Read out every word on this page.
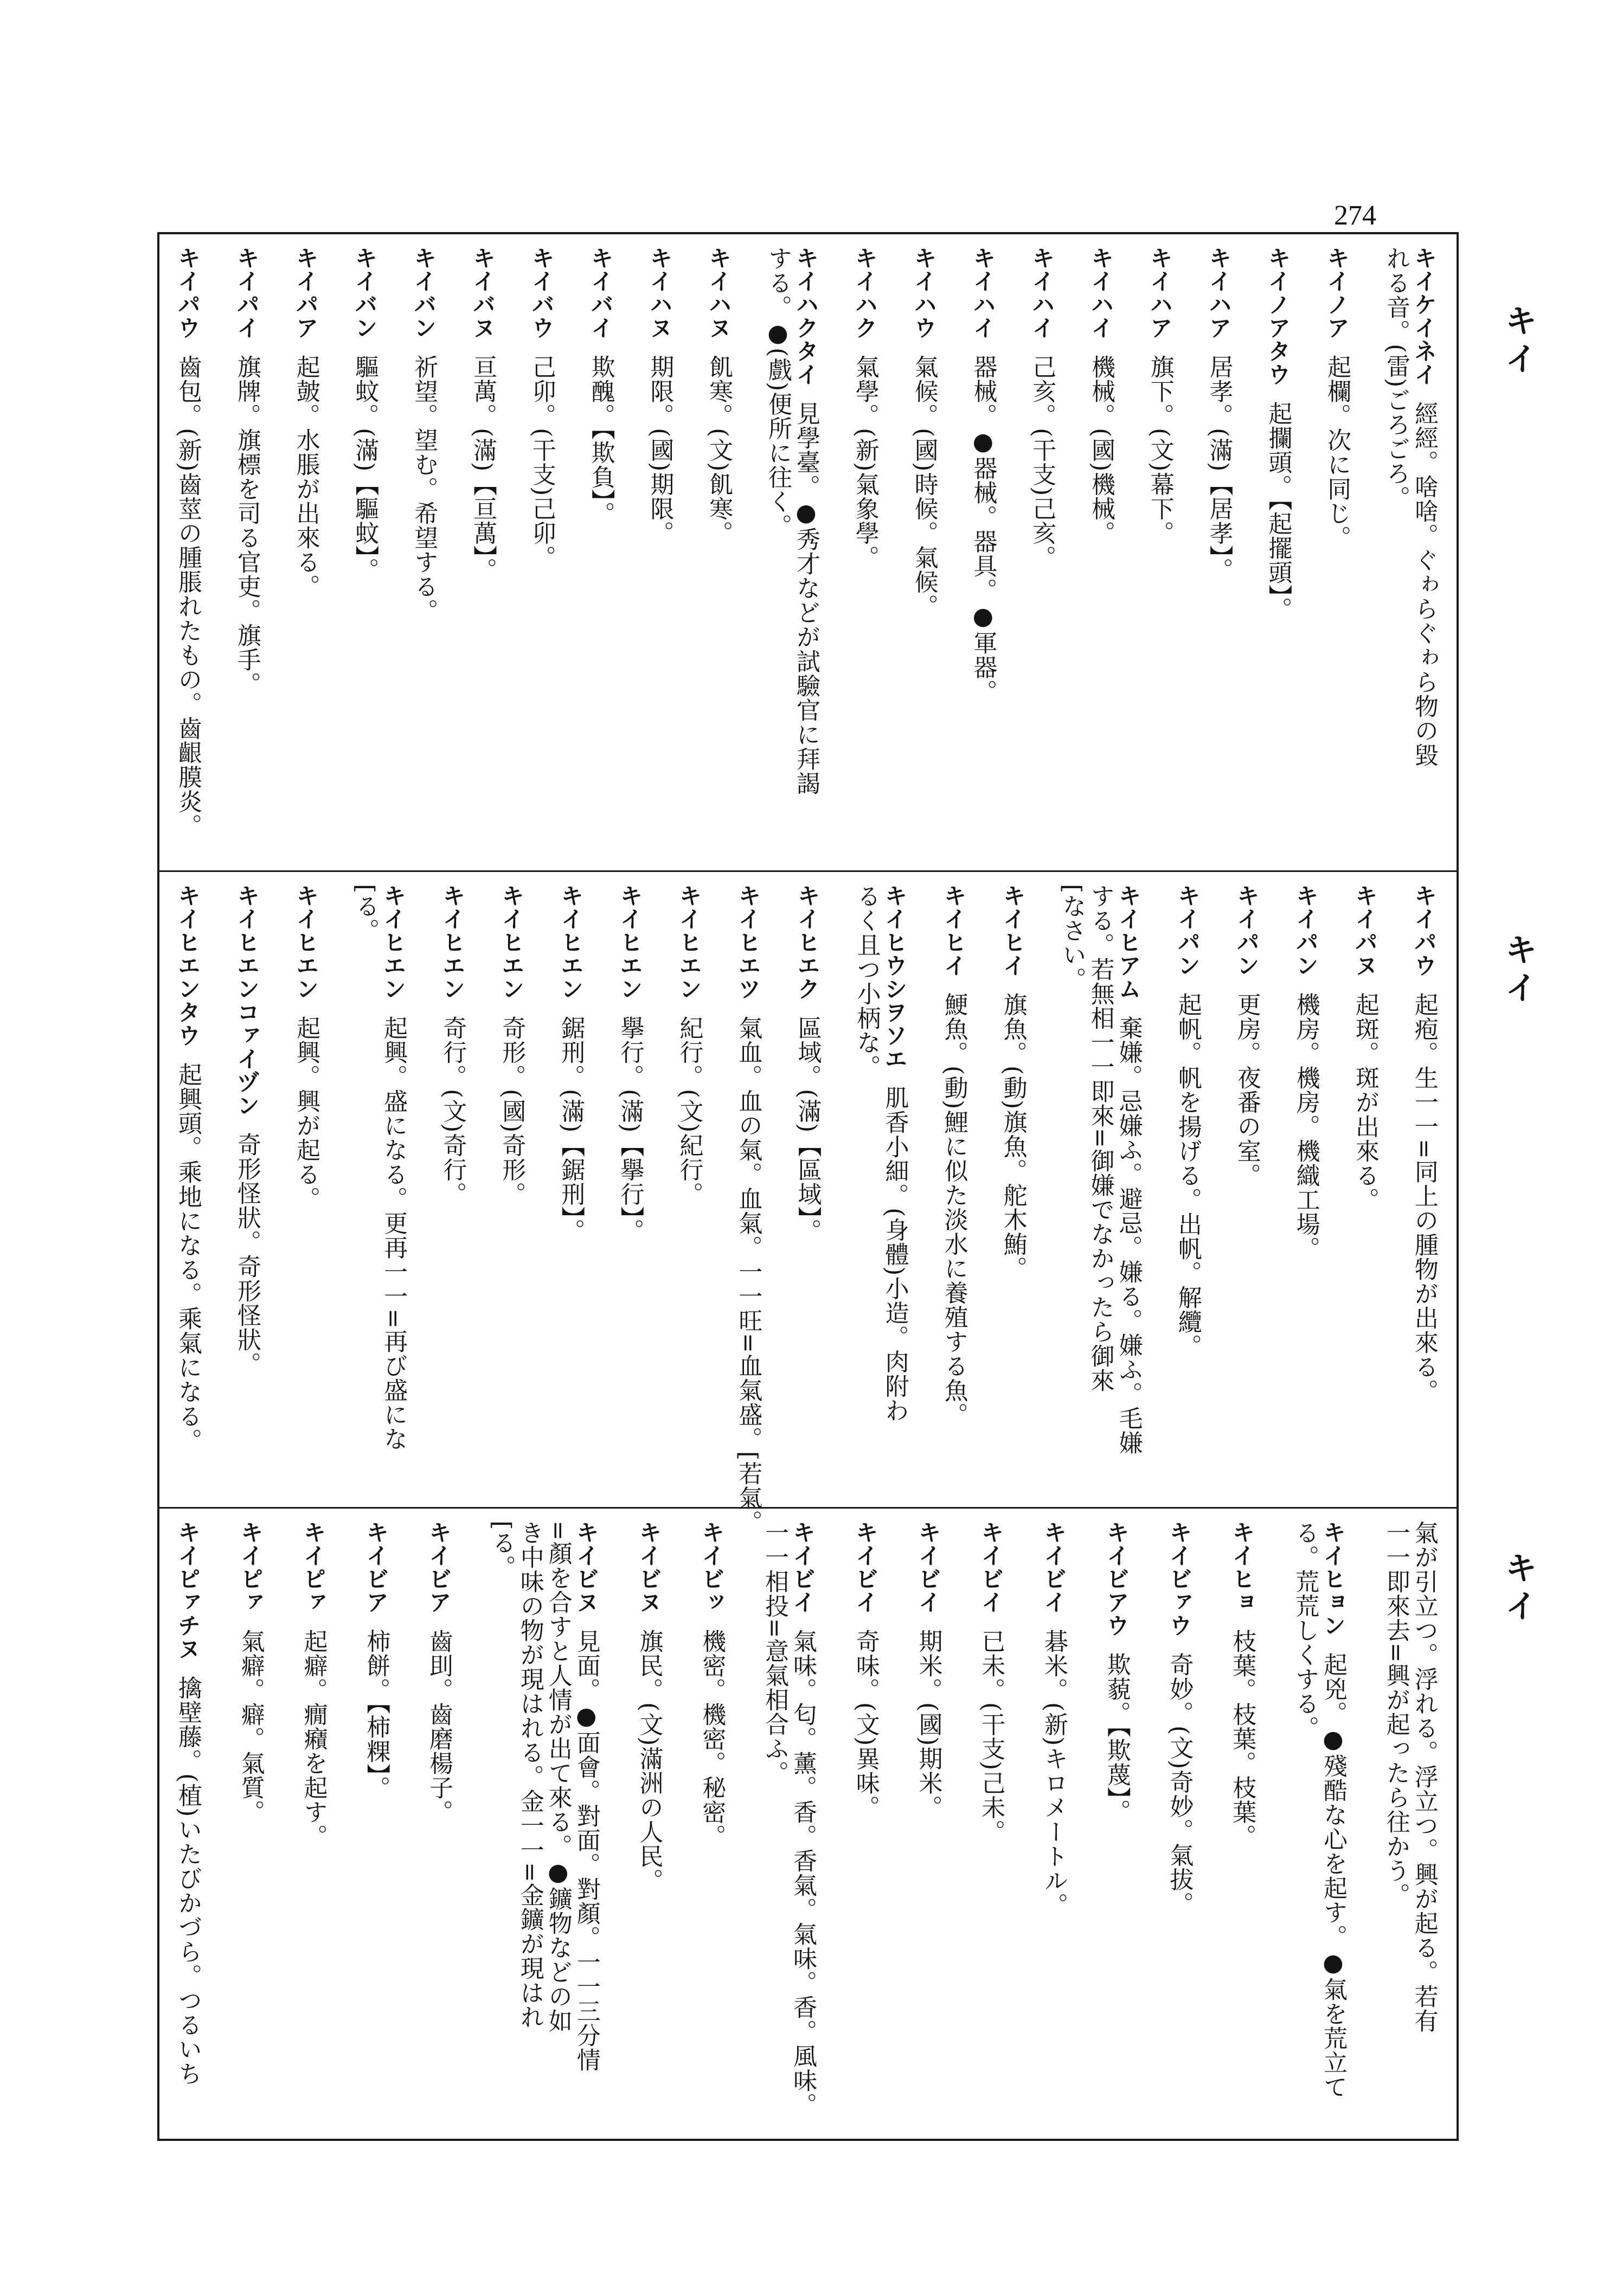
274
キイ
キイ
キイ
キイケイネイ經經。啥啥。ぐゎらぐゎら物の毀
れる音。(雷)ごろごろ。
キイノア起欄。次に同じ。
キイノアタウ起攔頭。【起擺頭】。
キイハア居孝。(滿)【居孝】。
キイハア旗下。(文)幕下。
キイハイ機械。(國)機械。
キイハイ己亥。(干支)己亥。
キイハイ器械。●器械。器具。●軍器。
キイハウ氣候。(國)時候。氣候。
キイハク氣學。(新)氣象學。
キイハクタイ見學臺。●秀才などが試驗官に拜謁
する。●(戲)便所に往く。
キイハヌ飢寒。(文)飢寒。
キイハヌ期限。(國)期限。
キイバイ欺醜。【欺負】。
キイバウ己卯。(干支)己卯。
キイバヌ亘萬。(滿)【亘萬】。
キイバン祈望。望む。希望する。
キイバン驅蚊。(滿)【驅蚊】。
キイパア起皷。水脹が出來る。
キイパイ旗牌。旗標を司る官吏。旗手。
キイパウ齒包。(新)齒莖の腫脹れたもの。齒齦膜炎。
キイパウ起疱。生一一=同上の腫物が出來る。
キイパヌ起斑。斑が出來る。
キイパン機房。機房。機織工場。
キイパン更房。夜番の室。
キイパン起帆。帆を揚げる。出帆。解纜。
キイヒアム棄嫌。忌嫌ふ。避忌。嫌る。嫌ふ。毛嫌
する。若無相一一即來=御嫌でなかったら御來
[なさい。
キイヒイ旗魚。(動)旗魚。舵木鮪。
キイヒイ鯁魚。(動)鯉に似た淡水に養殖する魚。
キイヒウシヲソエ肌香小細。(身體)小造。肉附わ
るく且つ小柄な。
キイヒエク區域。(滿)【區域】。
キイヒエツ氣血。血の氣。血氣。一一旺=血氣盛。[若氣。
キイヒエン紀行。(文)紀行。
キイヒエン擧行。(滿)【擧行】。
キイヒエン鋸刑。(滿)【鋸刑】。
キイヒエン奇形。(國)奇形。
キイヒエン奇行。(文)奇行。
キイヒエン起興。盛になる。更再一一=再び盛にな
[る。
キイヒエン起興。興が起る。
キイヒエンコァイヅン奇形怪狀。奇形怪狀。
キイヒエンタウ起興頭。乘地になる。乘氣になる。
氣が引立つ。浮れる。浮立つ。興が起る。若有
一一即來去=興が起ったら往かう。
キイヒョン起兇。●殘酷な心を起す。●氣を荒立て
る。荒荒しくする。
キイヒョ枝葉。枝葉。枝葉。
キイビァウ奇妙。(文)奇妙。氣拔。
キイビアウ欺藐。【欺蔑】。
キイビイ碁米。(新)キロメートル。
キイビイ已未。(干支)己未。
キイビイ期米。(國)期米。
キイビイ奇味。(文)異味。
キイビイ氣味。匂。薰。香。香氣。氣味。香。風味。
一一相投=意氣相合ふ。
キイビッ機密。機密。秘密。
キイビヌ旗民。(文)滿洲の人民。
キイビヌ見面。●面會。對面。對顏。一一三分情
=顏を合すと人情が出て來る。●鑛物などの如
き中味の物が現はれる。金一一=金鑛が現はれ
[る。
キイビア齒刞。齒磨楊子。
キイビア柿餅。【柿粿】。
キイピァ起癖。癇癪を起す。
キイピァ氣癖。癖。氣質。
キイピァチヌ擒壁藤。(植)いたびかづら。つるいち
